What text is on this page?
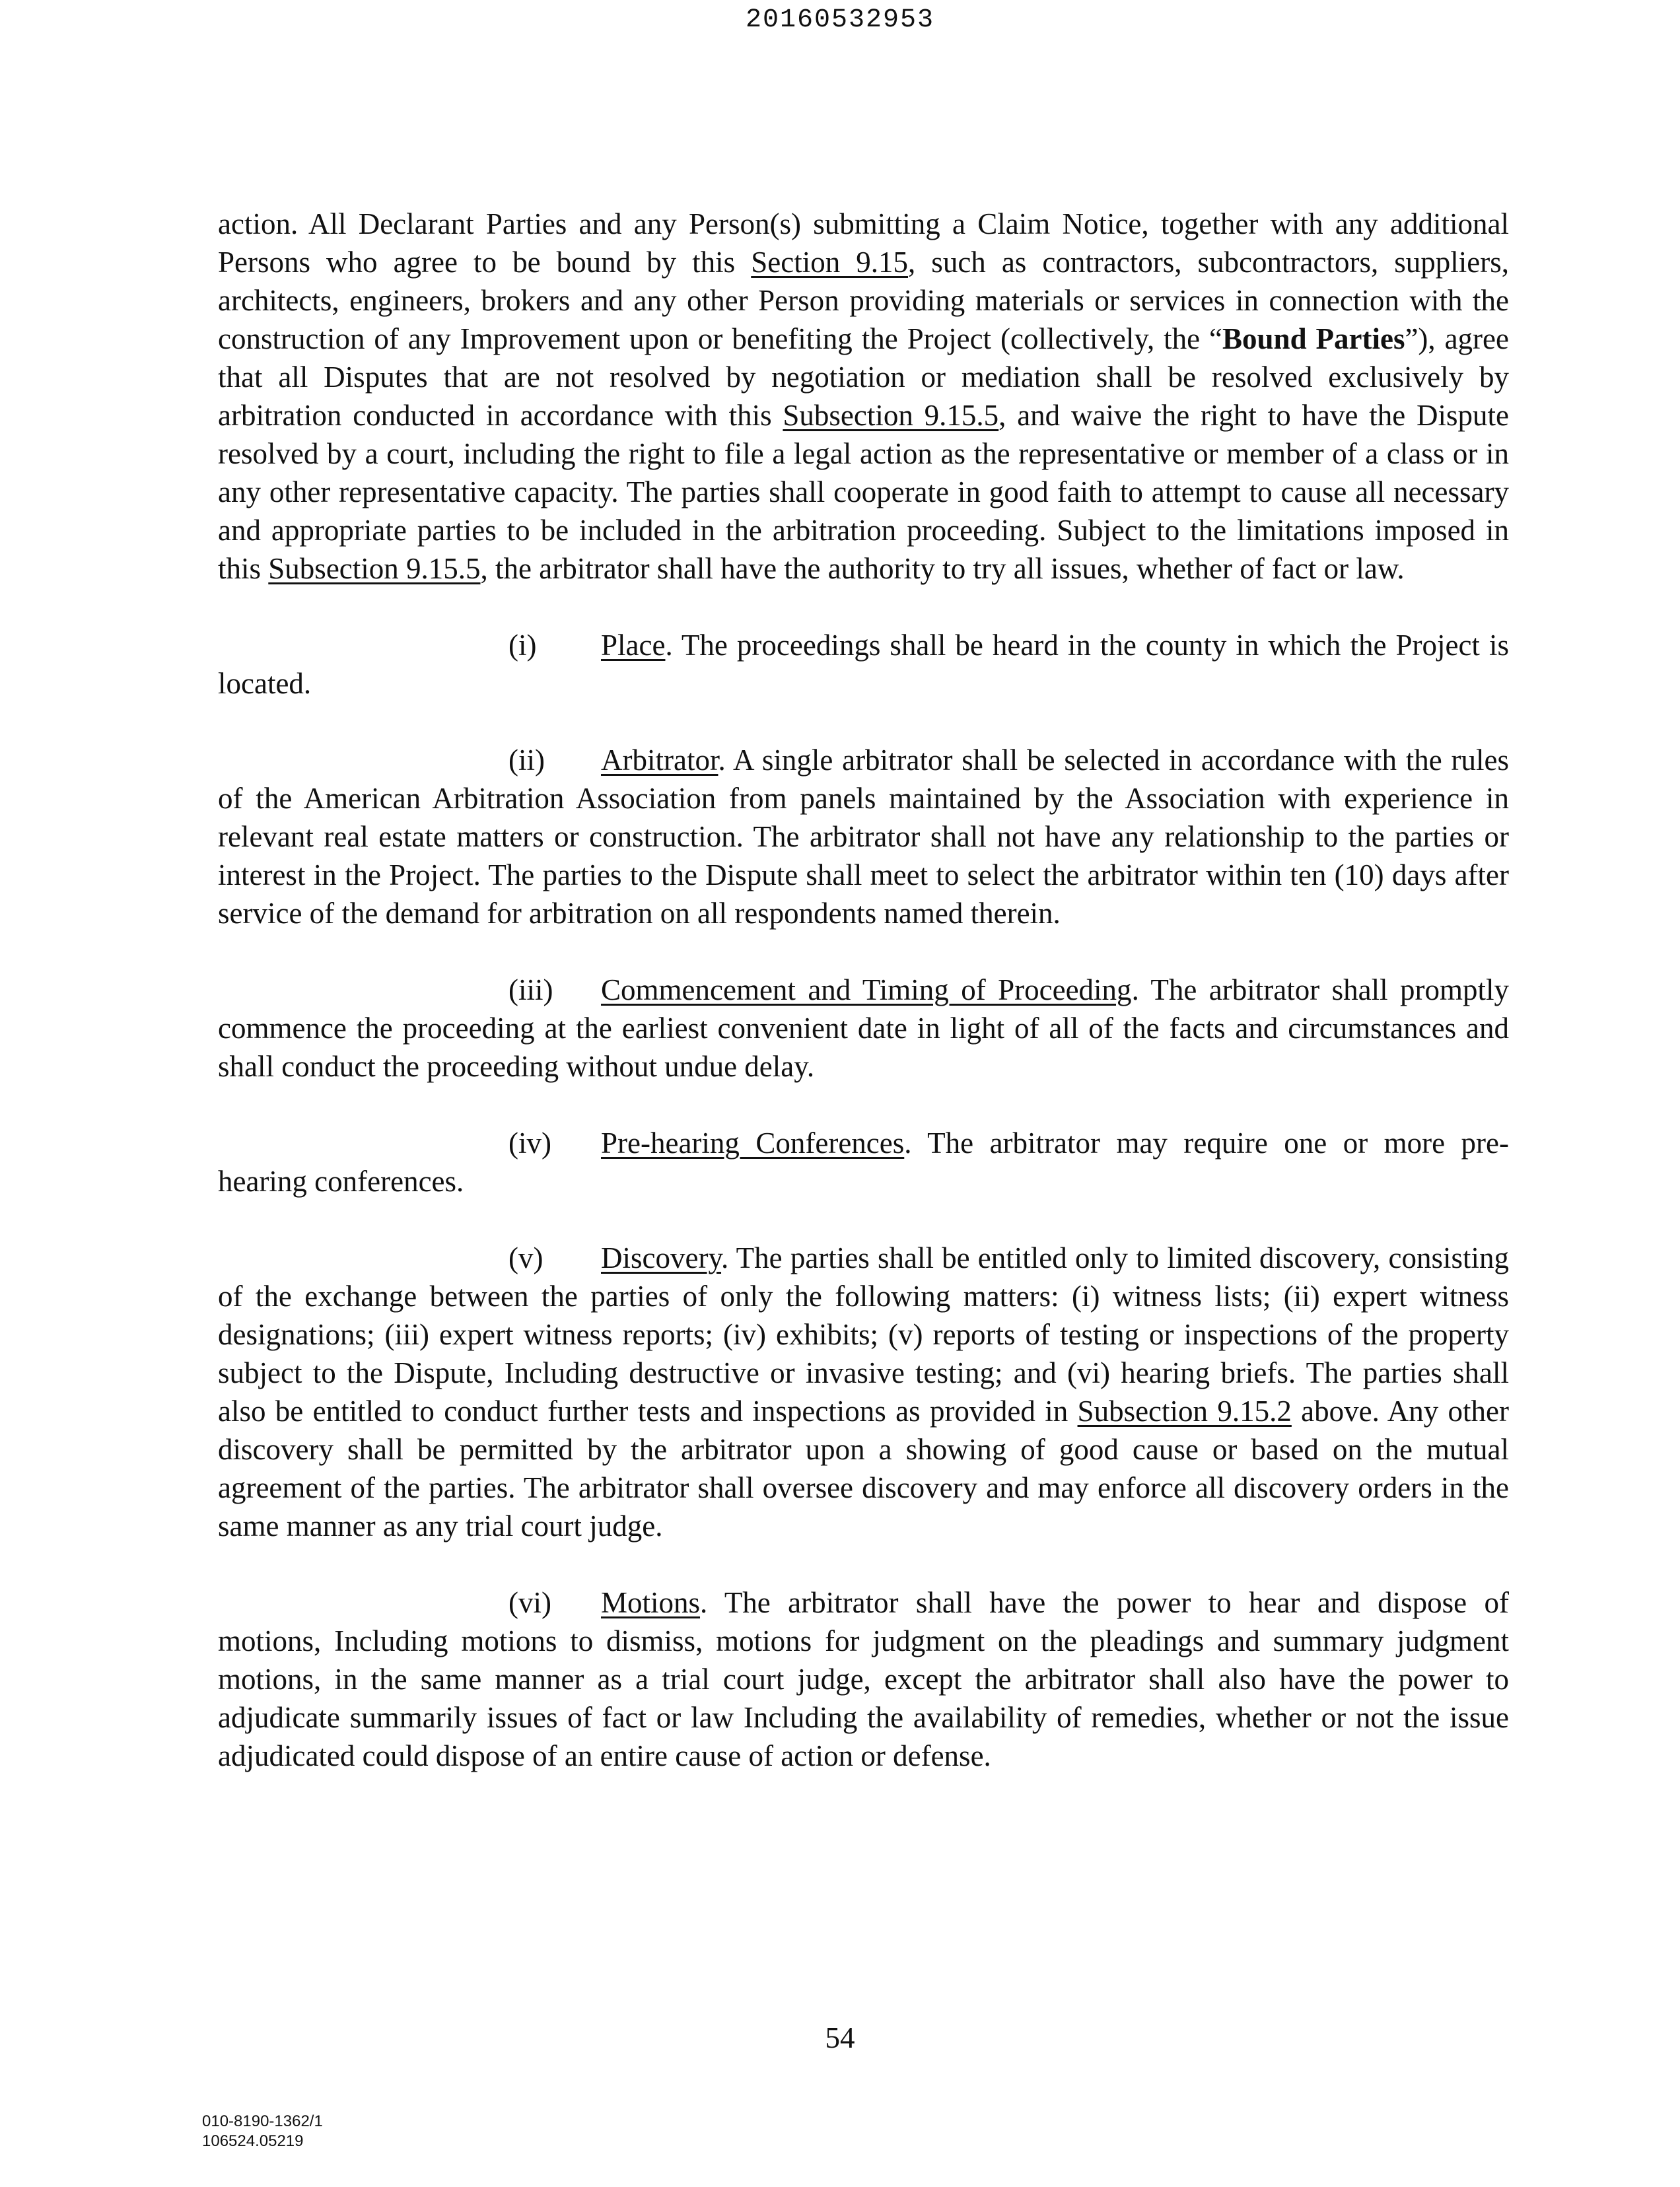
20160532953

action. All Declarant Parties and any Person(s) submitting a Claim Notice, together with any additional Persons who agree to be bound by this Section 9.15, such as contractors, subcontractors, suppliers, architects, engineers, brokers and any other Person providing materials or services in connection with the construction of any Improvement upon or benefiting the Project (collectively, the “Bound Parties”), agree that all Disputes that are not resolved by negotiation or mediation shall be resolved exclusively by arbitration conducted in accordance with this Subsection 9.15.5, and waive the right to have the Dispute resolved by a court, including the right to file a legal action as the representative or member of a class or in any other representative capacity. The parties shall cooperate in good faith to attempt to cause all necessary and appropriate parties to be included in the arbitration proceeding. Subject to the limitations imposed in this Subsection 9.15.5, the arbitrator shall have the authority to try all issues, whether of fact or law.

(i) Place. The proceedings shall be heard in the county in which the Project is located.

(ii) Arbitrator. A single arbitrator shall be selected in accordance with the rules of the American Arbitration Association from panels maintained by the Association with experience in relevant real estate matters or construction. The arbitrator shall not have any relationship to the parties or interest in the Project. The parties to the Dispute shall meet to select the arbitrator within ten (10) days after service of the demand for arbitration on all respondents named therein.

(iii) Commencement and Timing of Proceeding. The arbitrator shall promptly commence the proceeding at the earliest convenient date in light of all of the facts and circumstances and shall conduct the proceeding without undue delay.

(iv) Pre-hearing Conferences. The arbitrator may require one or more pre-hearing conferences.

(v) Discovery. The parties shall be entitled only to limited discovery, consisting of the exchange between the parties of only the following matters: (i) witness lists; (ii) expert witness designations; (iii) expert witness reports; (iv) exhibits; (v) reports of testing or inspections of the property subject to the Dispute, Including destructive or invasive testing; and (vi) hearing briefs. The parties shall also be entitled to conduct further tests and inspections as provided in Subsection 9.15.2 above. Any other discovery shall be permitted by the arbitrator upon a showing of good cause or based on the mutual agreement of the parties. The arbitrator shall oversee discovery and may enforce all discovery orders in the same manner as any trial court judge.

(vi) Motions. The arbitrator shall have the power to hear and dispose of motions, Including motions to dismiss, motions for judgment on the pleadings and summary judgment motions, in the same manner as a trial court judge, except the arbitrator shall also have the power to adjudicate summarily issues of fact or law Including the availability of remedies, whether or not the issue adjudicated could dispose of an entire cause of action or defense.

54
010-8190-1362/1
106524.05219
